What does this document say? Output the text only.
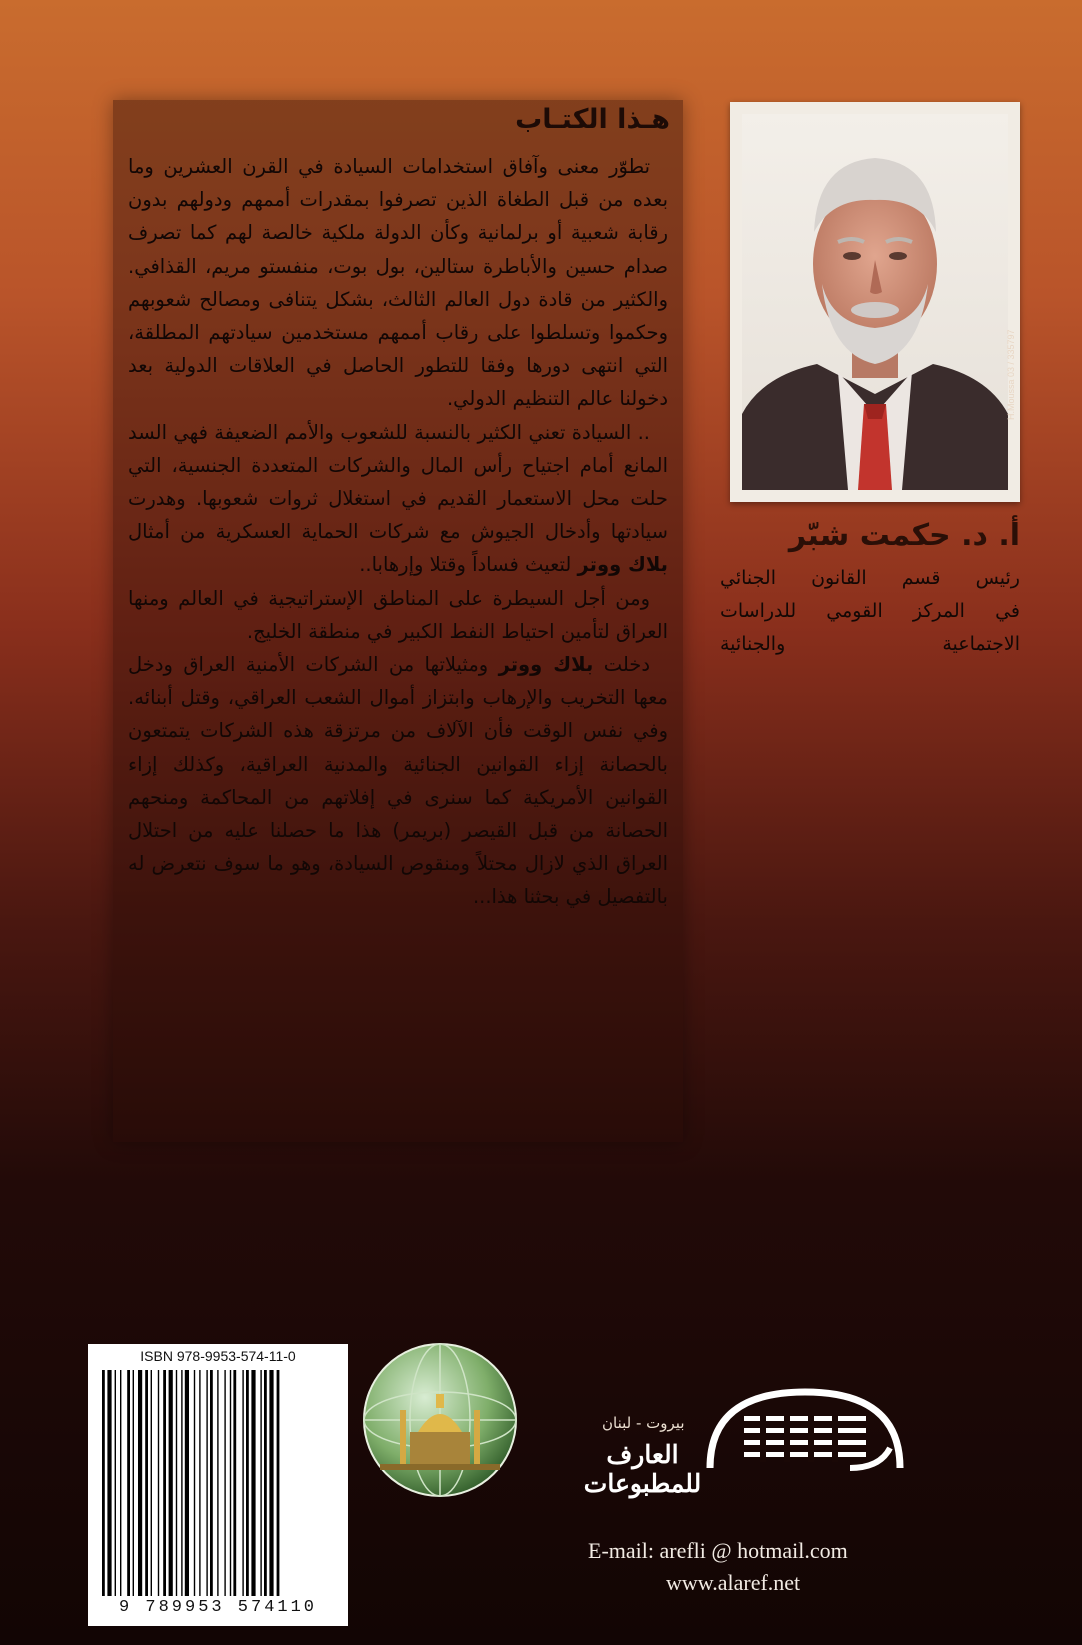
هـذا الكتـاب

تطوّر معنى وآفاق استخدامات السيادة في القرن العشرين وما بعده من قبل الطغاة الذين تصرفوا بمقدرات أممهم ودولهم بدون رقابة شعبية أو برلمانية وكأن الدولة ملكية خالصة لهم كما تصرف صدام حسين والأباطرة ستالين، بول بوت، منفستو مريم، القذافي. والكثير من قادة دول العالم الثالث، بشكل يتنافى ومصالح شعوبهم وحكموا وتسلطوا على رقاب أممهم مستخدمين سيادتهم المطلقة، التي انتهى دورها وفقا للتطور الحاصل في العلاقات الدولية بعد دخولنا عالم التنظيم الدولي.

.. السيادة تعني الكثير بالنسبة للشعوب والأمم الضعيفة فهي السد المانع أمام اجتياح رأس المال والشركات المتعددة الجنسية، التي حلت محل الاستعمار القديم في استغلال ثروات شعوبها. وهدرت سيادتها وأدخال الجيوش مع شركات الحماية العسكرية من أمثال بلاك ووتر لتعيث فساداً وقتلا وإرهابا..

ومن أجل السيطرة على المناطق الإستراتيجية في العالم ومنها العراق لتأمين احتياط النفط الكبير في منطقة الخليج.

دخلت بلاك ووتر ومثيلاتها من الشركات الأمنية العراق ودخل معها التخريب والإرهاب وابتزاز أموال الشعب العراقي، وقتل أبنائه. وفي نفس الوقت فأن الآلاف من مرتزقة هذه الشركات يتمتعون بالحصانة إزاء القوانين الجنائية والمدنية العراقية، وكذلك إزاء القوانين الأمريكية كما سنرى في إفلاتهم من المحاكمة ومنحهم الحصانة من قبل القيصر (بريمر) هذا ما حصلنا عليه من احتلال العراق الذي لازال محتلاً ومنقوص السيادة، وهو ما سوف نتعرض له بالتفصيل في بحثنا هذا...

H.Moussa 03 / 335797
أ. د. حكمت شبّر
رئيس قسم القانون الجنائي
في المركز القومي للدراسات
الاجتماعية والجنائية
ISBN 978-9953-574-11-0
9 789953 574110
بيروت - لبنان
العارف للمطبوعات
E-mail: arefli @ hotmail.com
www.alaref.net
